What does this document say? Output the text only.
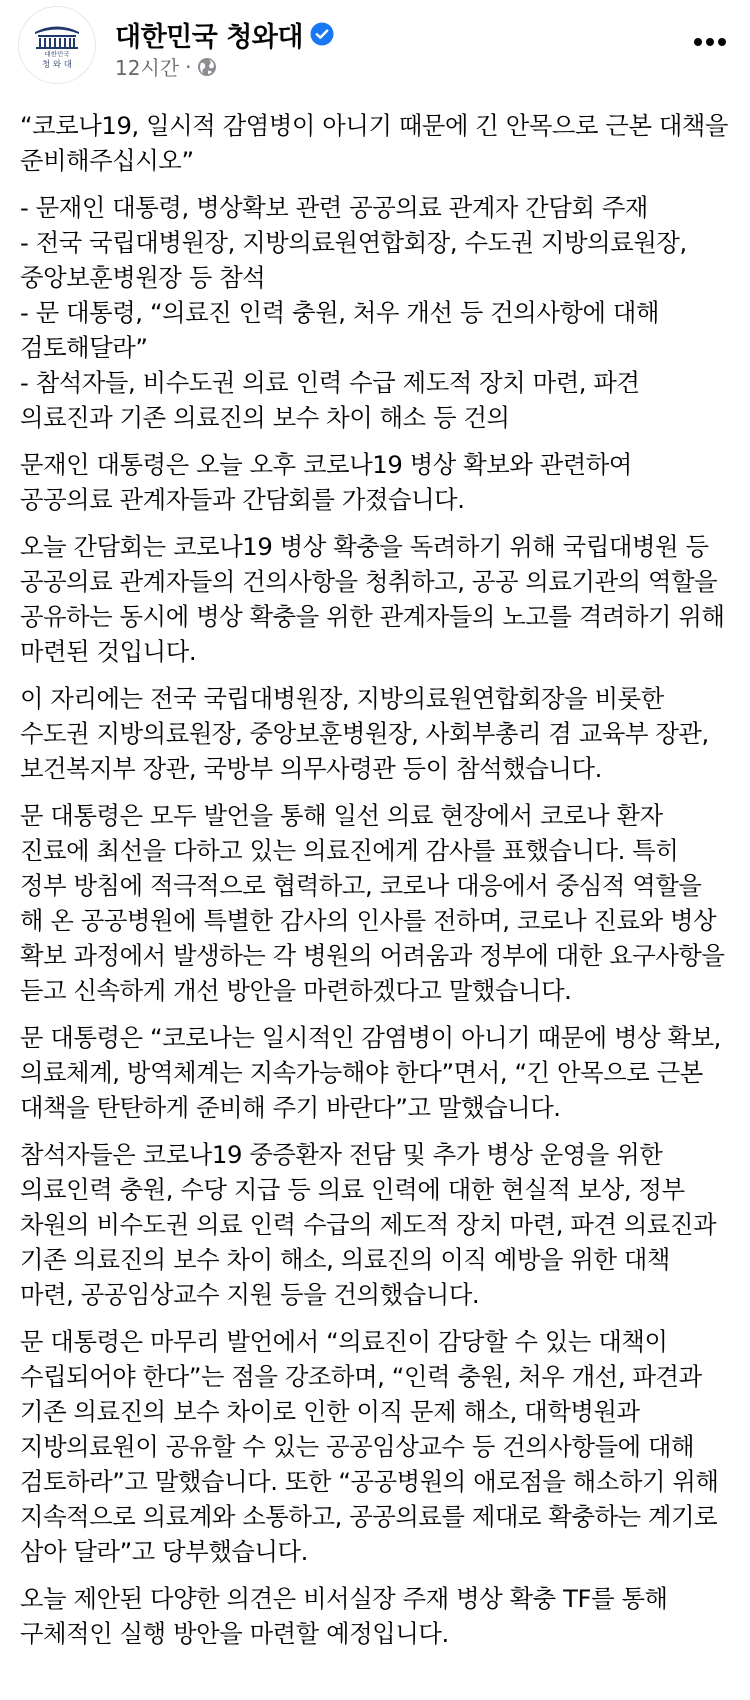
대한민국
청 와 대
대한민국 청와대
12시간 ·

“코로나19, 일시적 감염병이 아니기 때문에 긴 안목으로 근본 대책을 준비해주십시오”

- 문재인 대통령, 병상확보 관련 공공의료 관계자 간담회 주재
- 전국 국립대병원장, 지방의료원연합회장, 수도권 지방의료원장, 중앙보훈병원장 등 참석
- 문 대통령, “의료진 인력 충원, 처우 개선 등 건의사항에 대해 검토해달라”
- 참석자들, 비수도권 의료 인력 수급 제도적 장치 마련, 파견 의료진과 기존 의료진의 보수 차이 해소 등 건의

문재인 대통령은 오늘 오후 코로나19 병상 확보와 관련하여 공공의료 관계자들과 간담회를 가졌습니다.

오늘 간담회는 코로나19 병상 확충을 독려하기 위해 국립대병원 등 공공의료 관계자들의 건의사항을 청취하고, 공공 의료기관의 역할을 공유하는 동시에 병상 확충을 위한 관계자들의 노고를 격려하기 위해 마련된 것입니다.

이 자리에는 전국 국립대병원장, 지방의료원연합회장을 비롯한 수도권 지방의료원장, 중앙보훈병원장, 사회부총리 겸 교육부 장관, 보건복지부 장관, 국방부 의무사령관 등이 참석했습니다.

문 대통령은 모두 발언을 통해 일선 의료 현장에서 코로나 환자 진료에 최선을 다하고 있는 의료진에게 감사를 표했습니다. 특히 정부 방침에 적극적으로 협력하고, 코로나 대응에서 중심적 역할을 해 온 공공병원에 특별한 감사의 인사를 전하며, 코로나 진료와 병상 확보 과정에서 발생하는 각 병원의 어려움과 정부에 대한 요구사항을 듣고 신속하게 개선 방안을 마련하겠다고 말했습니다.

문 대통령은 “코로나는 일시적인 감염병이 아니기 때문에 병상 확보, 의료체계, 방역체계는 지속가능해야 한다”면서, “긴 안목으로 근본 대책을 탄탄하게 준비해 주기 바란다”고 말했습니다.

참석자들은 코로나19 중증환자 전담 및 추가 병상 운영을 위한 의료인력 충원, 수당 지급 등 의료 인력에 대한 현실적 보상, 정부 차원의 비수도권 의료 인력 수급의 제도적 장치 마련, 파견 의료진과 기존 의료진의 보수 차이 해소, 의료진의 이직 예방을 위한 대책 마련, 공공임상교수 지원 등을 건의했습니다.

문 대통령은 마무리 발언에서 “의료진이 감당할 수 있는 대책이 수립되어야 한다”는 점을 강조하며, “인력 충원, 처우 개선, 파견과 기존 의료진의 보수 차이로 인한 이직 문제 해소, 대학병원과 지방의료원이 공유할 수 있는 공공임상교수 등 건의사항들에 대해 검토하라”고 말했습니다. 또한 “공공병원의 애로점을 해소하기 위해 지속적으로 의료계와 소통하고, 공공의료를 제대로 확충하는 계기로 삼아 달라”고 당부했습니다.

오늘 제안된 다양한 의견은 비서실장 주재 병상 확충 TF를 통해 구체적인 실행 방안을 마련할 예정입니다.
